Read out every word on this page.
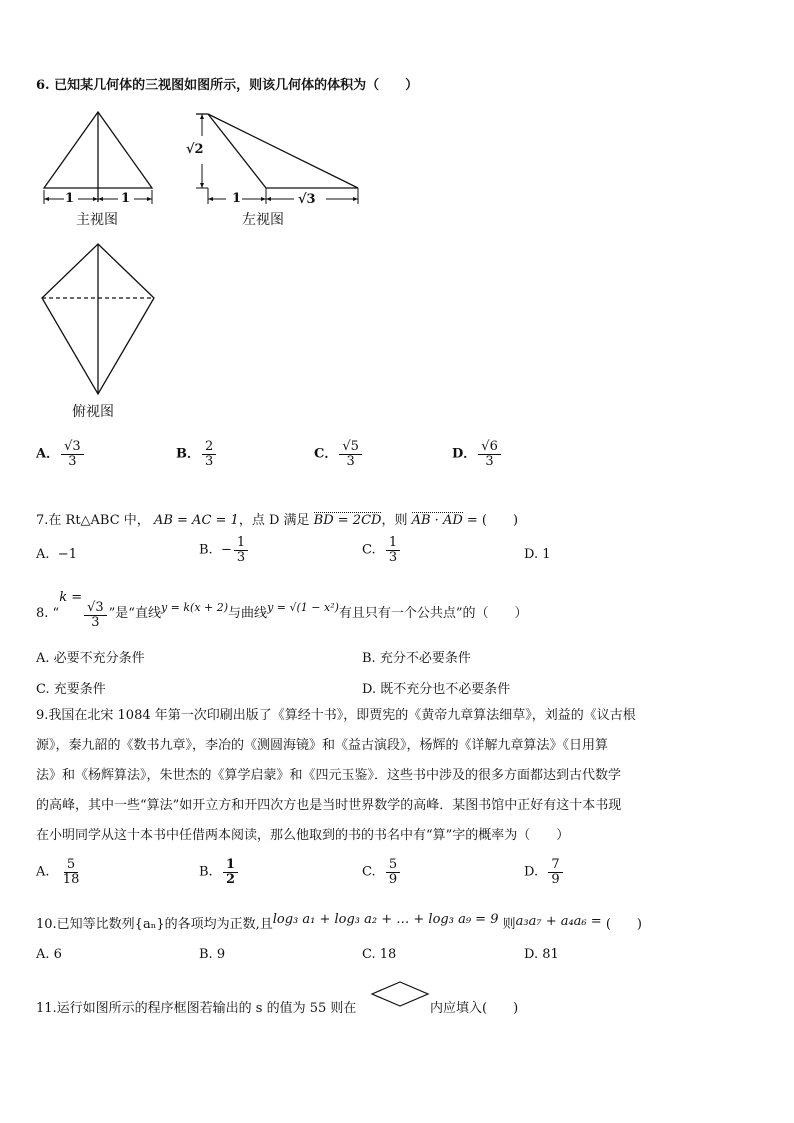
6. 已知某几何体的三视图如图所示，则该几何体的体积为（　　）
1	1
主视图
√2
1	√3
左视图
俯视图
A． $\frac{√3}{3}$	B． $\frac{2}{3}$	C． $\frac{√5}{3}$	D． $\frac{√6}{3}$
7.在 Rt△ABC 中， AB = AC = 1，点 D 满足 BD = 2CD，则 AB · AD = (　　)
A. −1	B. − $\frac{1}{3}$	C. $\frac{1}{3}$	D. 1
8. “k =
$\frac{√3}{3}$ ”是“直线$_{y = k(x + 2)}$与曲线$_{y = √(1 - x^2)}$有且只有一个公共点”的（　　）
A. 必要不充分条件	B. 充分不必要条件
C. 充要条件	D. 既不充分也不必要条件
9.我国在北宋 1084 年第一次印刷出版了《算经十书》，即贾宪的《黄帝九章算法细草》，刘益的《议古根
源》，秦九韶的《数书九章》，李冶的《测圆海镜》和《益古演段》，杨辉的《详解九章算法》《日用算
法》和《杨辉算法》，朱世杰的《算学启蒙》和《四元玉鉴》．这些书中涉及的很多方面都达到古代数学
的高峰，其中一些“算法”如开立方和开四次方也是当时世界数学的高峰．某图书馆中正好有这十本书现
在小明同学从这十本书中任借两本阅读，那么他取到的书的书名中有“算”字的概率为（　　）
A. $\frac{5}{18}$	B. $\frac{1}{2}$	C. $\frac{5}{9}$	D. $\frac{7}{9}$
10.已知等比数列{aₙ}的各项均为正数,且log₃ a₁ + log₃ a₂ + … + log₃ a₉ = 9 则a₃a₇ + a₄a₆ = (　　)
A. 6	B. 9	C. 18	D. 81
11.运行如图所示的程序框图若输出的 s 的值为 55 则在	内应填入(　　)
